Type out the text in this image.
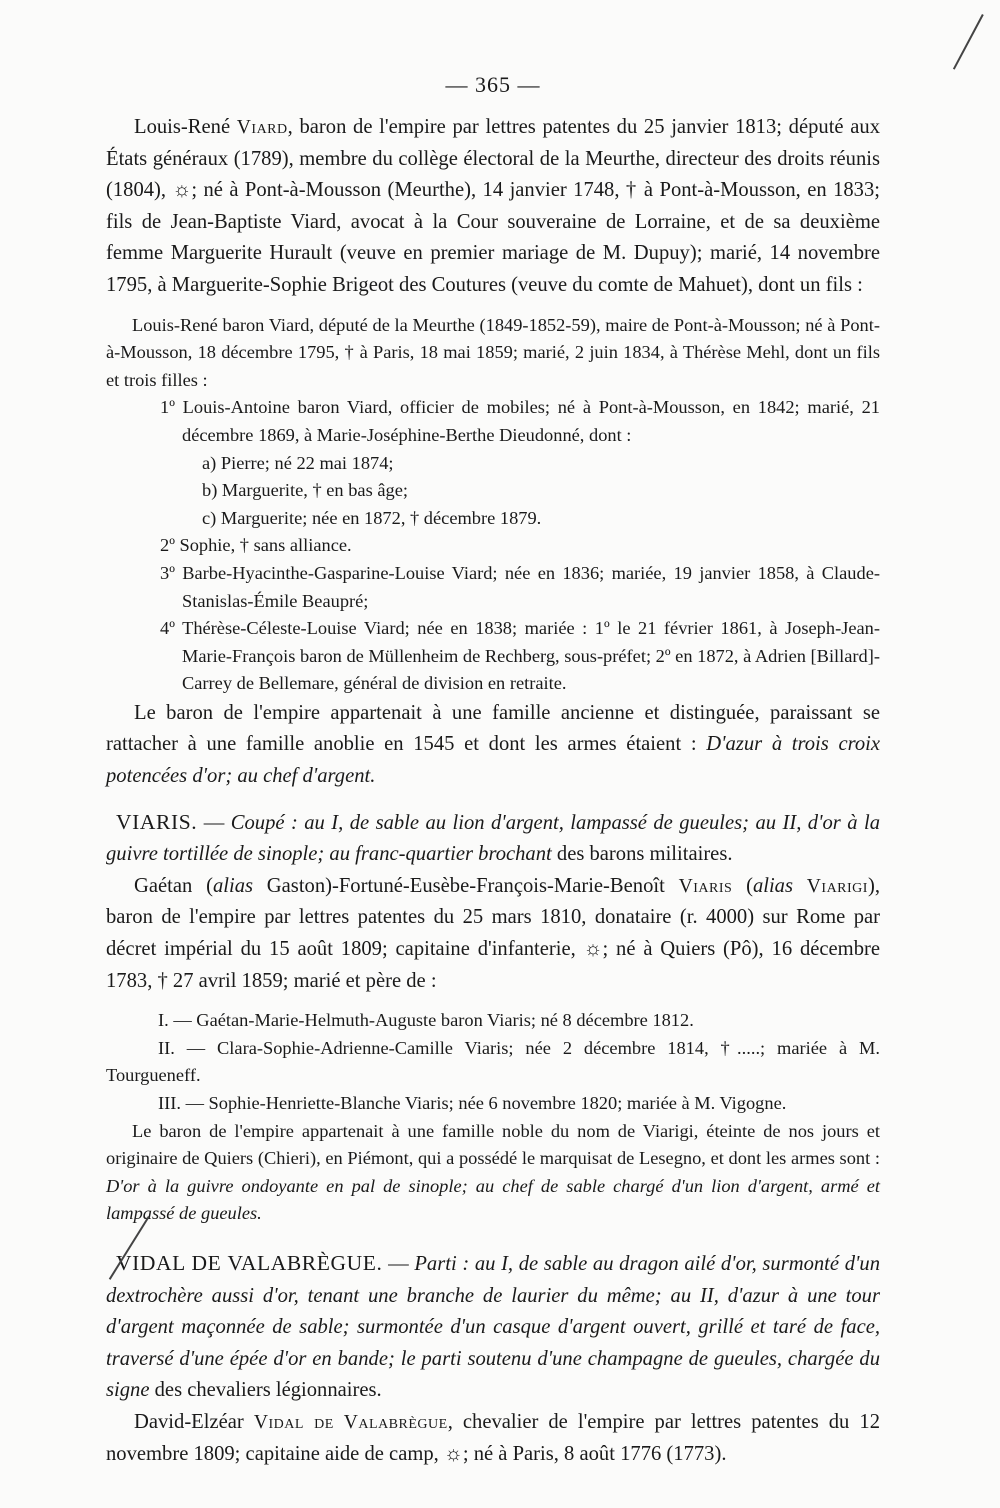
— 365 —

Louis-René Viard, baron de l'empire par lettres patentes du 25 janvier 1813; député aux États généraux (1789), membre du collège électoral de la Meurthe, directeur des droits réunis (1804), ☼; né à Pont-à-Mousson (Meurthe), 14 janvier 1748, † à Pont-à-Mousson, en 1833; fils de Jean-Baptiste Viard, avocat à la Cour souveraine de Lorraine, et de sa deuxième femme Marguerite Hurault (veuve en premier mariage de M. Dupuy); marié, 14 novembre 1795, à Marguerite-Sophie Brigeot des Coutures (veuve du comte de Mahuet), dont un fils :

Louis-René baron Viard, député de la Meurthe (1849-1852-59), maire de Pont-à-Mousson; né à Pont-à-Mousson, 18 décembre 1795, † à Paris, 18 mai 1859; marié, 2 juin 1834, à Thérèse Mehl, dont un fils et trois filles :

1º Louis-Antoine baron Viard, officier de mobiles; né à Pont-à-Mousson, en 1842; marié, 21 décembre 1869, à Marie-Joséphine-Berthe Dieudonné, dont :

a) Pierre; né 22 mai 1874;

b) Marguerite, † en bas âge;

c) Marguerite; née en 1872, † décembre 1879.

2º Sophie, † sans alliance.

3º Barbe-Hyacinthe-Gasparine-Louise Viard; née en 1836; mariée, 19 janvier 1858, à Claude-Stanislas-Émile Beaupré;

4º Thérèse-Céleste-Louise Viard; née en 1838; mariée : 1º le 21 février 1861, à Joseph-Jean-Marie-François baron de Müllenheim de Rechberg, sous-préfet; 2º en 1872, à Adrien [Billard]-Carrey de Bellemare, général de division en retraite.

Le baron de l'empire appartenait à une famille ancienne et distinguée, paraissant se rattacher à une famille anoblie en 1545 et dont les armes étaient : D'azur à trois croix potencées d'or; au chef d'argent.

VIARIS. — Coupé : au I, de sable au lion d'argent, lampassé de gueules; au II, d'or à la guivre tortillée de sinople; au franc-quartier brochant des barons militaires.

Gaétan (alias Gaston)-Fortuné-Eusèbe-François-Marie-Benoît Viaris (alias Viarigi), baron de l'empire par lettres patentes du 25 mars 1810, donataire (r. 4000) sur Rome par décret impérial du 15 août 1809; capitaine d'infanterie, ☼; né à Quiers (Pô), 16 décembre 1783, † 27 avril 1859; marié et père de :

I. — Gaétan-Marie-Helmuth-Auguste baron Viaris; né 8 décembre 1812.

II. — Clara-Sophie-Adrienne-Camille Viaris; née 2 décembre 1814, †.....; mariée à M. Tourgueneff.

III. — Sophie-Henriette-Blanche Viaris; née 6 novembre 1820; mariée à M. Vigogne.

Le baron de l'empire appartenait à une famille noble du nom de Viarigi, éteinte de nos jours et originaire de Quiers (Chieri), en Piémont, qui a possédé le marquisat de Lesegno, et dont les armes sont : D'or à la guivre ondoyante en pal de sinople; au chef de sable chargé d'un lion d'argent, armé et lampassé de gueules.

VIDAL DE VALABRÈGUE. — Parti : au I, de sable au dragon ailé d'or, surmonté d'un dextrochère aussi d'or, tenant une branche de laurier du même; au II, d'azur à une tour d'argent maçonnée de sable; surmontée d'un casque d'argent ouvert, grillé et taré de face, traversé d'une épée d'or en bande; le parti soutenu d'une champagne de gueules, chargée du signe des chevaliers légionnaires.

David-Elzéar Vidal de Valabrègue, chevalier de l'empire par lettres patentes du 12 novembre 1809; capitaine aide de camp, ☼; né à Paris, 8 août 1776 (1773).
